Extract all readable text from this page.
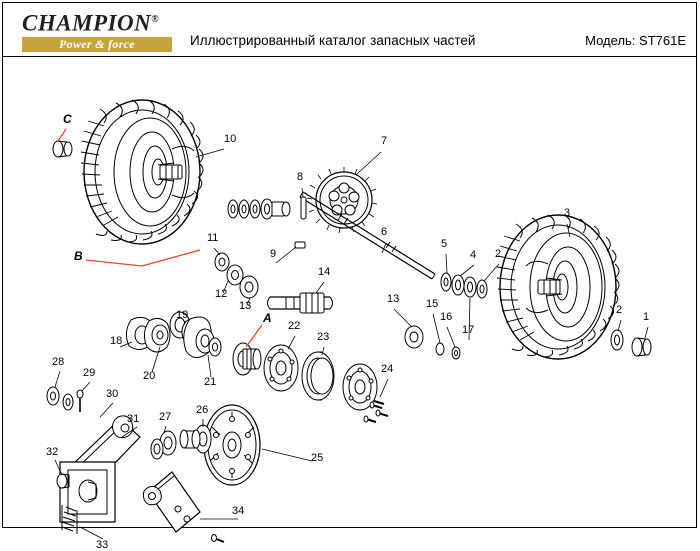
CHAMPION®
Power & force	Иллюстрированный каталог запасных частей	Модель: ST761E
10	7
8
3
11	6
9
5
4 2
12
13
14
13 15
16
17
2
1
19
18
20	21
22
23
24
28
29
30
31 27
26
25
32
33
34
C
B
A
